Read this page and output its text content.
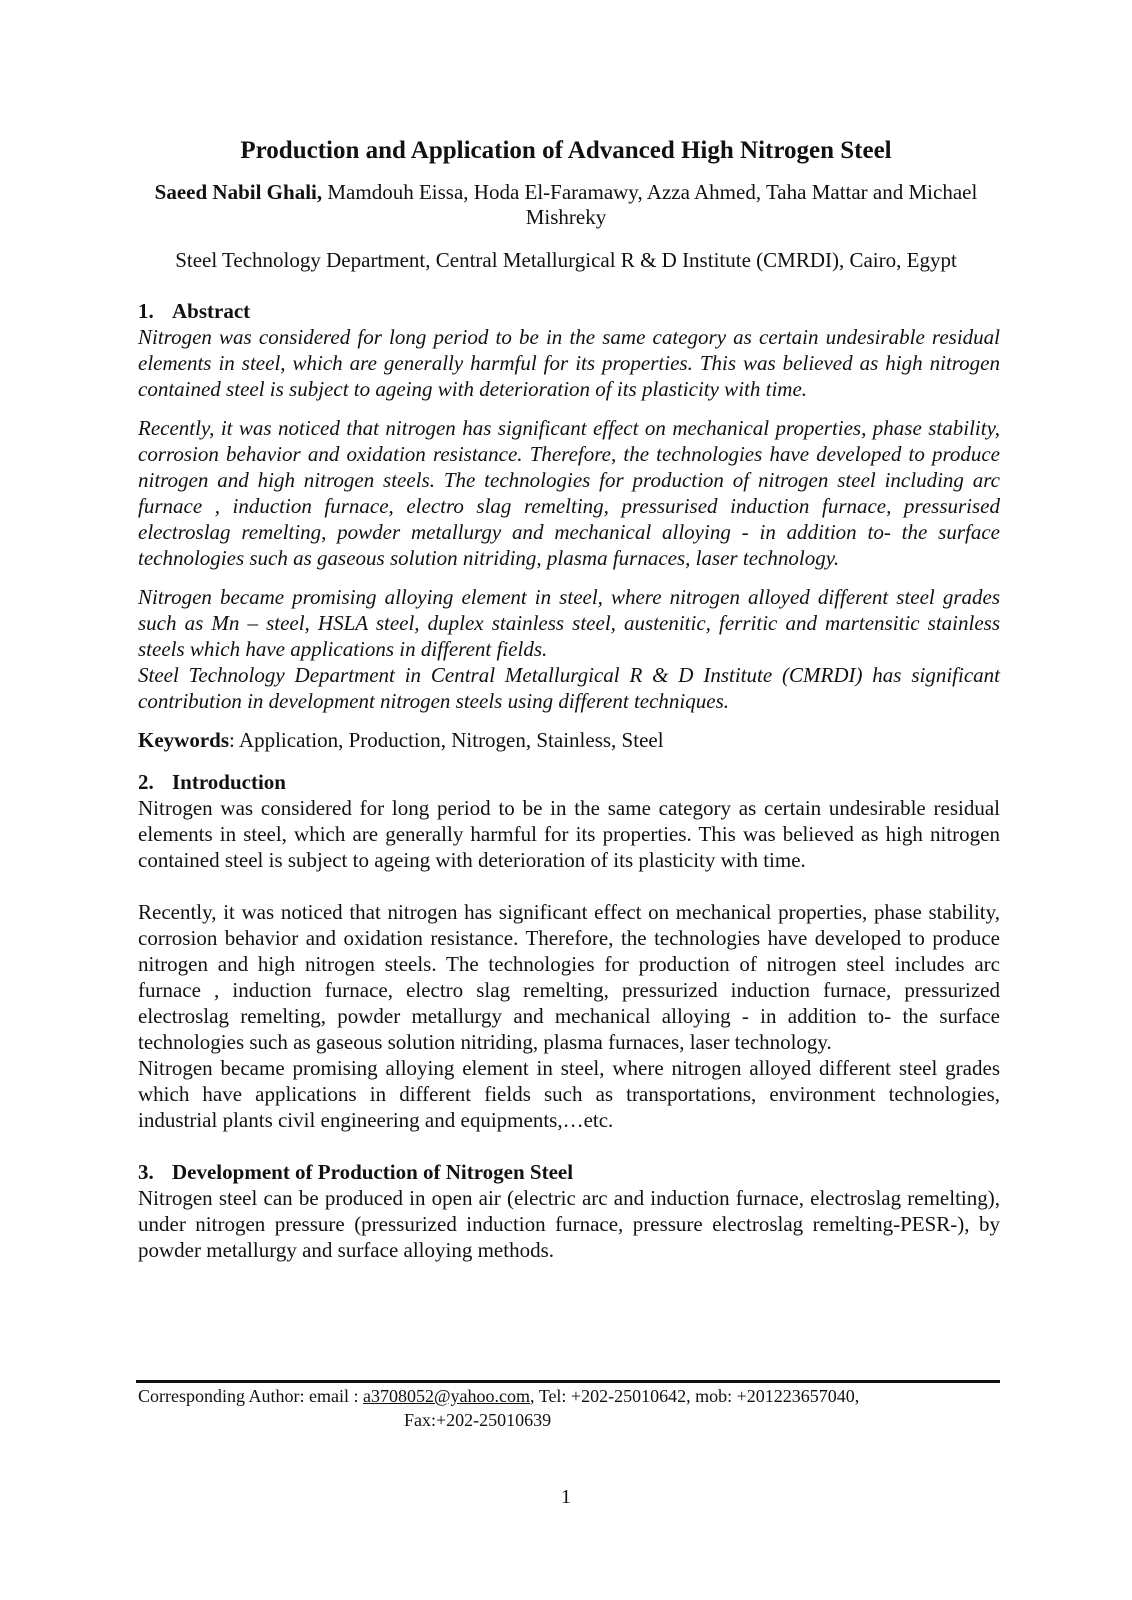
Production and Application of Advanced High Nitrogen Steel
Saeed Nabil Ghali, Mamdouh Eissa, Hoda El-Faramawy, Azza Ahmed, Taha Mattar and Michael Mishreky
Steel Technology Department, Central Metallurgical R & D Institute (CMRDI), Cairo, Egypt
1. Abstract

Nitrogen was considered for long period to be in the same category as certain undesirable residual elements in steel, which are generally harmful for its properties. This was believed as high nitrogen contained steel is subject to ageing with deterioration of its plasticity with time.

Recently, it was noticed that nitrogen has significant effect on mechanical properties, phase stability, corrosion behavior and oxidation resistance. Therefore, the technologies have developed to produce nitrogen and high nitrogen steels. The technologies for production of nitrogen steel including arc furnace , induction furnace, electro slag remelting, pressurised induction furnace, pressurised electroslag remelting, powder metallurgy and mechanical alloying - in addition to- the surface technologies such as gaseous solution nitriding, plasma furnaces, laser technology.

Nitrogen became promising alloying element in steel, where nitrogen alloyed different steel grades such as Mn – steel, HSLA steel, duplex stainless steel, austenitic, ferritic and martensitic stainless steels which have applications in different fields.

Steel Technology Department in Central Metallurgical R & D Institute (CMRDI) has significant contribution in development nitrogen steels using different techniques.

Keywords: Application, Production, Nitrogen, Stainless, Steel

2. Introduction

Nitrogen was considered for long period to be in the same category as certain undesirable residual elements in steel, which are generally harmful for its properties. This was believed as high nitrogen contained steel is subject to ageing with deterioration of its plasticity with time.

Recently, it was noticed that nitrogen has significant effect on mechanical properties, phase stability, corrosion behavior and oxidation resistance. Therefore, the technologies have developed to produce nitrogen and high nitrogen steels. The technologies for production of nitrogen steel includes arc furnace , induction furnace, electro slag remelting, pressurized induction furnace, pressurized electroslag remelting, powder metallurgy and mechanical alloying - in addition to- the surface technologies such as gaseous solution nitriding, plasma furnaces, laser technology.

Nitrogen became promising alloying element in steel, where nitrogen alloyed different steel grades which have applications in different fields such as transportations, environment technologies, industrial plants civil engineering and equipments,…etc.

3. Development of Production of Nitrogen Steel

Nitrogen steel can be produced in open air (electric arc and induction furnace, electroslag remelting), under nitrogen pressure (pressurized induction furnace, pressure electroslag remelting-PESR-), by powder metallurgy and surface alloying methods.

Corresponding Author: email : a3708052@yahoo.com, Tel: +202-25010642, mob: +201223657040,
Fax:+202-25010639
1
